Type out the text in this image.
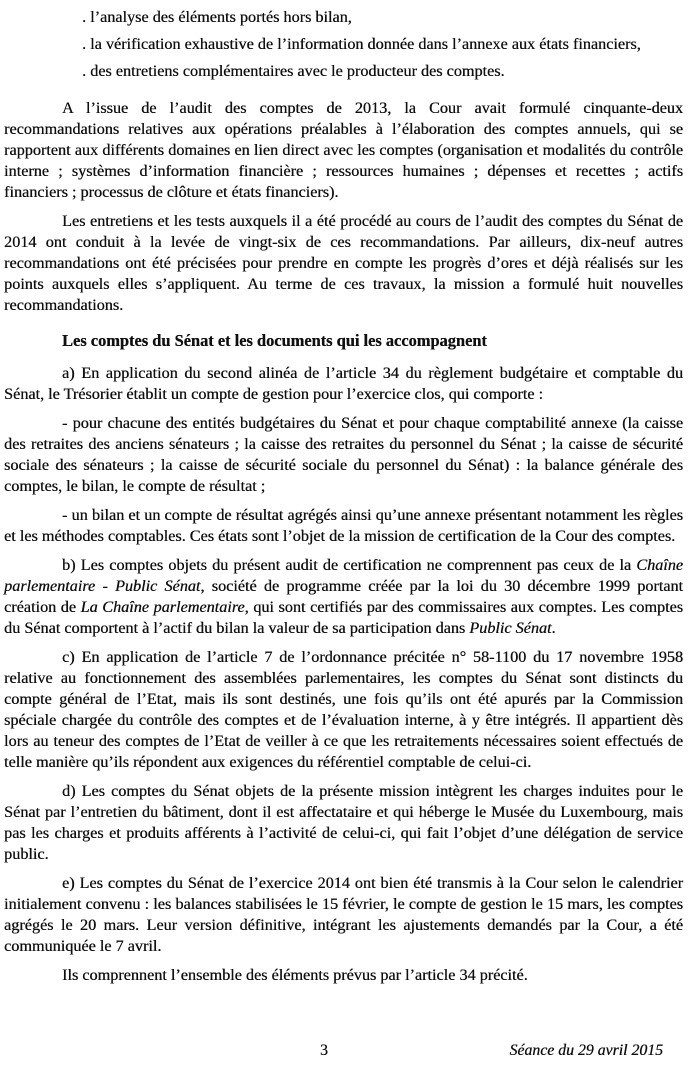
. l’analyse des éléments portés hors bilan,

. la vérification exhaustive de l’information donnée dans l’annexe aux états financiers,

. des entretiens complémentaires avec le producteur des comptes.

A l’issue de l’audit des comptes de 2013, la Cour avait formulé cinquante-deux recommandations relatives aux opérations préalables à l’élaboration des comptes annuels, qui se rapportent aux différents domaines en lien direct avec les comptes (organisation et modalités du contrôle interne ; systèmes d’information financière ; ressources humaines ; dépenses et recettes ; actifs financiers ; processus de clôture et états financiers).

Les entretiens et les tests auxquels il a été procédé au cours de l’audit des comptes du Sénat de 2014 ont conduit à la levée de vingt-six de ces recommandations. Par ailleurs, dix-neuf autres recommandations ont été précisées pour prendre en compte les progrès d’ores et déjà réalisés sur les points auxquels elles s’appliquent. Au terme de ces travaux, la mission a formulé huit nouvelles recommandations.

Les comptes du Sénat et les documents qui les accompagnent

a) En application du second alinéa de l’article 34 du règlement budgétaire et comptable du Sénat, le Trésorier établit un compte de gestion pour l’exercice clos, qui comporte :

- pour chacune des entités budgétaires du Sénat et pour chaque comptabilité annexe (la caisse des retraites des anciens sénateurs ; la caisse des retraites du personnel du Sénat ; la caisse de sécurité sociale des sénateurs ; la caisse de sécurité sociale du personnel du Sénat) : la balance générale des comptes, le bilan, le compte de résultat ;

- un bilan et un compte de résultat agrégés ainsi qu’une annexe présentant notamment les règles et les méthodes comptables. Ces états sont l’objet de la mission de certification de la Cour des comptes.

b) Les comptes objets du présent audit de certification ne comprennent pas ceux de la Chaîne parlementaire - Public Sénat, société de programme créée par la loi du 30 décembre 1999 portant création de La Chaîne parlementaire, qui sont certifiés par des commissaires aux comptes. Les comptes du Sénat comportent à l’actif du bilan la valeur de sa participation dans Public Sénat.

c) En application de l’article 7 de l’ordonnance précitée n° 58-1100 du 17 novembre 1958 relative au fonctionnement des assemblées parlementaires, les comptes du Sénat sont distincts du compte général de l’Etat, mais ils sont destinés, une fois qu’ils ont été apurés par la Commission spéciale chargée du contrôle des comptes et de l’évaluation interne, à y être intégrés. Il appartient dès lors au teneur des comptes de l’Etat de veiller à ce que les retraitements nécessaires soient effectués de telle manière qu’ils répondent aux exigences du référentiel comptable de celui-ci.

d) Les comptes du Sénat objets de la présente mission intègrent les charges induites pour le Sénat par l’entretien du bâtiment, dont il est affectataire et qui héberge le Musée du Luxembourg, mais pas les charges et produits afférents à l’activité de celui-ci, qui fait l’objet d’une délégation de service public.

e) Les comptes du Sénat de l’exercice 2014 ont bien été transmis à la Cour selon le calendrier initialement convenu : les balances stabilisées le 15 février, le compte de gestion le 15 mars, les comptes agrégés le 20 mars. Leur version définitive, intégrant les ajustements demandés par la Cour, a été communiquée le 7 avril.

Ils comprennent l’ensemble des éléments prévus par l’article 34 précité.

3	Séance du 29 avril 2015
